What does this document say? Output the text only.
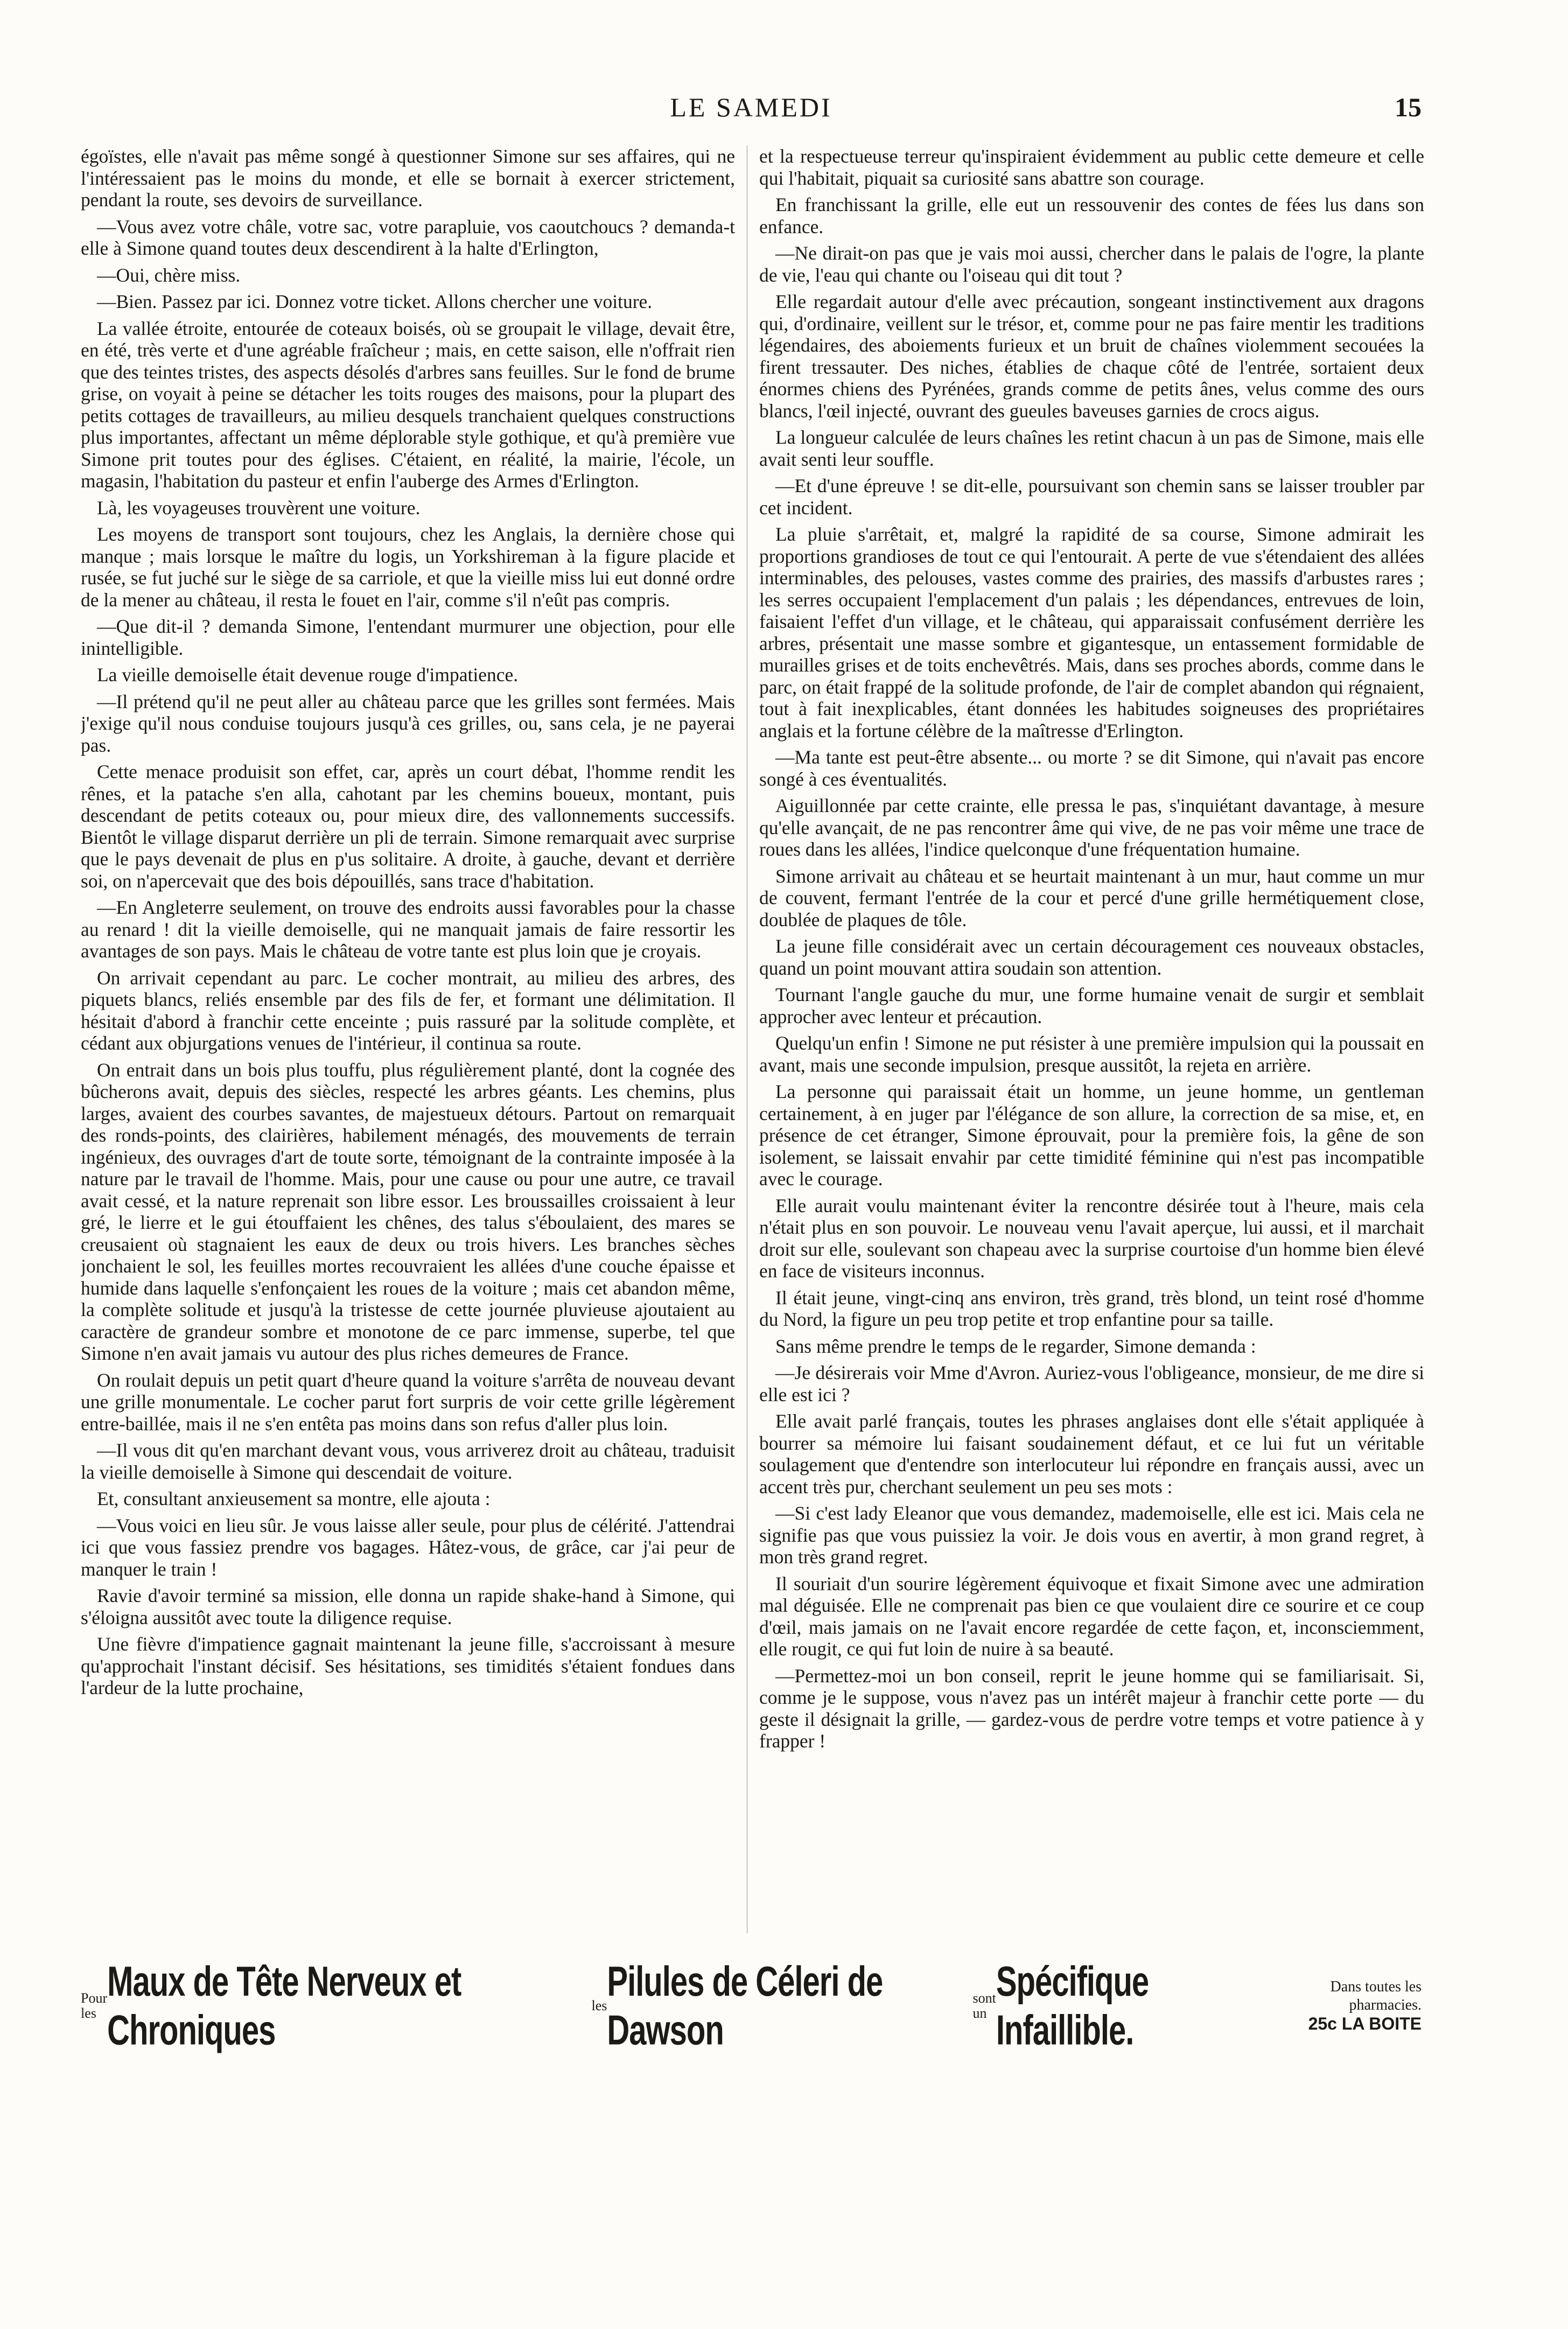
LE SAMEDI	15

égoïstes, elle n'avait pas même songé à questionner Simone sur ses affaires, qui ne l'intéressaient pas le moins du monde, et elle se bornait à exercer strictement, pendant la route, ses devoirs de surveillance.

—Vous avez votre châle, votre sac, votre parapluie, vos caoutchoucs ? demanda-t elle à Simone quand toutes deux descendirent à la halte d'Erlington,

—Oui, chère miss.

—Bien. Passez par ici. Donnez votre ticket. Allons chercher une voiture.

La vallée étroite, entourée de coteaux boisés, où se groupait le village, devait être, en été, très verte et d'une agréable fraîcheur ; mais, en cette saison, elle n'offrait rien que des teintes tristes, des aspects désolés d'arbres sans feuilles. Sur le fond de brume grise, on voyait à peine se détacher les toits rouges des maisons, pour la plupart des petits cottages de travailleurs, au milieu desquels tranchaient quelques constructions plus importantes, affectant un même déplorable style gothique, et qu'à première vue Simone prit toutes pour des églises. C'étaient, en réalité, la mairie, l'école, un magasin, l'habitation du pasteur et enfin l'auberge des Armes d'Erlington.

Là, les voyageuses trouvèrent une voiture.

Les moyens de transport sont toujours, chez les Anglais, la dernière chose qui manque ; mais lorsque le maître du logis, un Yorkshireman à la figure placide et rusée, se fut juché sur le siège de sa carriole, et que la vieille miss lui eut donné ordre de la mener au château, il resta le fouet en l'air, comme s'il n'eût pas compris.

—Que dit-il ? demanda Simone, l'entendant murmurer une objection, pour elle inintelligible.

La vieille demoiselle était devenue rouge d'impatience.

—Il prétend qu'il ne peut aller au château parce que les grilles sont fermées. Mais j'exige qu'il nous conduise toujours jusqu'à ces grilles, ou, sans cela, je ne payerai pas.

Cette menace produisit son effet, car, après un court débat, l'homme rendit les rênes, et la patache s'en alla, cahotant par les chemins boueux, montant, puis descendant de petits coteaux ou, pour mieux dire, des vallonnements successifs. Bientôt le village disparut derrière un pli de terrain. Simone remarquait avec surprise que le pays devenait de plus en p'us solitaire. A droite, à gauche, devant et derrière soi, on n'apercevait que des bois dépouillés, sans trace d'habitation.

—En Angleterre seulement, on trouve des endroits aussi favorables pour la chasse au renard ! dit la vieille demoiselle, qui ne manquait jamais de faire ressortir les avantages de son pays. Mais le château de votre tante est plus loin que je croyais.

On arrivait cependant au parc. Le cocher montrait, au milieu des arbres, des piquets blancs, reliés ensemble par des fils de fer, et formant une délimitation. Il hésitait d'abord à franchir cette enceinte ; puis rassuré par la solitude complète, et cédant aux objurgations venues de l'intérieur, il continua sa route.

On entrait dans un bois plus touffu, plus régulièrement planté, dont la cognée des bûcherons avait, depuis des siècles, respecté les arbres géants. Les chemins, plus larges, avaient des courbes savantes, de majestueux détours. Partout on remarquait des ronds-points, des clairières, habilement ménagés, des mouvements de terrain ingénieux, des ouvrages d'art de toute sorte, témoignant de la contrainte imposée à la nature par le travail de l'homme. Mais, pour une cause ou pour une autre, ce travail avait cessé, et la nature reprenait son libre essor. Les broussailles croissaient à leur gré, le lierre et le gui étouffaient les chênes, des talus s'éboulaient, des mares se creusaient où stagnaient les eaux de deux ou trois hivers. Les branches sèches jonchaient le sol, les feuilles mortes recouvraient les allées d'une couche épaisse et humide dans laquelle s'enfonçaient les roues de la voiture ; mais cet abandon même, la complète solitude et jusqu'à la tristesse de cette journée pluvieuse ajoutaient au caractère de grandeur sombre et monotone de ce parc immense, superbe, tel que Simone n'en avait jamais vu autour des plus riches demeures de France.

On roulait depuis un petit quart d'heure quand la voiture s'arrêta de nouveau devant une grille monumentale. Le cocher parut fort surpris de voir cette grille légèrement entre-baillée, mais il ne s'en entêta pas moins dans son refus d'aller plus loin.

—Il vous dit qu'en marchant devant vous, vous arriverez droit au château, traduisit la vieille demoiselle à Simone qui descendait de voiture.

Et, consultant anxieusement sa montre, elle ajouta :

—Vous voici en lieu sûr. Je vous laisse aller seule, pour plus de célérité. J'attendrai ici que vous fassiez prendre vos bagages. Hâtez-vous, de grâce, car j'ai peur de manquer le train !

Ravie d'avoir terminé sa mission, elle donna un rapide shake-hand à Simone, qui s'éloigna aussitôt avec toute la diligence requise.

Une fièvre d'impatience gagnait maintenant la jeune fille, s'accroissant à mesure qu'approchait l'instant décisif. Ses hésitations, ses timidités s'étaient fondues dans l'ardeur de la lutte prochaine,

et la respectueuse terreur qu'inspiraient évidemment au public cette demeure et celle qui l'habitait, piquait sa curiosité sans abattre son courage.

En franchissant la grille, elle eut un ressouvenir des contes de fées lus dans son enfance.

—Ne dirait-on pas que je vais moi aussi, chercher dans le palais de l'ogre, la plante de vie, l'eau qui chante ou l'oiseau qui dit tout ?

Elle regardait autour d'elle avec précaution, songeant instinctivement aux dragons qui, d'ordinaire, veillent sur le trésor, et, comme pour ne pas faire mentir les traditions légendaires, des aboiements furieux et un bruit de chaînes violemment secouées la firent tressauter. Des niches, établies de chaque côté de l'entrée, sortaient deux énormes chiens des Pyrénées, grands comme de petits ânes, velus comme des ours blancs, l'œil injecté, ouvrant des gueules baveuses garnies de crocs aigus.

La longueur calculée de leurs chaînes les retint chacun à un pas de Simone, mais elle avait senti leur souffle.

—Et d'une épreuve ! se dit-elle, poursuivant son chemin sans se laisser troubler par cet incident.

La pluie s'arrêtait, et, malgré la rapidité de sa course, Simone admirait les proportions grandioses de tout ce qui l'entourait. A perte de vue s'étendaient des allées interminables, des pelouses, vastes comme des prairies, des massifs d'arbustes rares ; les serres occupaient l'emplacement d'un palais ; les dépendances, entrevues de loin, faisaient l'effet d'un village, et le château, qui apparaissait confusément derrière les arbres, présentait une masse sombre et gigantesque, un entassement formidable de murailles grises et de toits enchevêtrés. Mais, dans ses proches abords, comme dans le parc, on était frappé de la solitude profonde, de l'air de complet abandon qui régnaient, tout à fait inexplicables, étant données les habitudes soigneuses des propriétaires anglais et la fortune célèbre de la maîtresse d'Erlington.

—Ma tante est peut-être absente... ou morte ? se dit Simone, qui n'avait pas encore songé à ces éventualités.

Aiguillonnée par cette crainte, elle pressa le pas, s'inquiétant davantage, à mesure qu'elle avançait, de ne pas rencontrer âme qui vive, de ne pas voir même une trace de roues dans les allées, l'indice quelconque d'une fréquentation humaine.

Simone arrivait au château et se heurtait maintenant à un mur, haut comme un mur de couvent, fermant l'entrée de la cour et percé d'une grille hermétiquement close, doublée de plaques de tôle.

La jeune fille considérait avec un certain découragement ces nouveaux obstacles, quand un point mouvant attira soudain son attention.

Tournant l'angle gauche du mur, une forme humaine venait de surgir et semblait approcher avec lenteur et précaution.

Quelqu'un enfin ! Simone ne put résister à une première impulsion qui la poussait en avant, mais une seconde impulsion, presque aussitôt, la rejeta en arrière.

La personne qui paraissait était un homme, un jeune homme, un gentleman certainement, à en juger par l'élégance de son allure, la correction de sa mise, et, en présence de cet étranger, Simone éprouvait, pour la première fois, la gêne de son isolement, se laissait envahir par cette timidité féminine qui n'est pas incompatible avec le courage.

Elle aurait voulu maintenant éviter la rencontre désirée tout à l'heure, mais cela n'était plus en son pouvoir. Le nouveau venu l'avait aperçue, lui aussi, et il marchait droit sur elle, soulevant son chapeau avec la surprise courtoise d'un homme bien élevé en face de visiteurs inconnus.

Il était jeune, vingt-cinq ans environ, très grand, très blond, un teint rosé d'homme du Nord, la figure un peu trop petite et trop enfantine pour sa taille.

Sans même prendre le temps de le regarder, Simone demanda :

—Je désirerais voir Mme d'Avron. Auriez-vous l'obligeance, monsieur, de me dire si elle est ici ?

Elle avait parlé français, toutes les phrases anglaises dont elle s'était appliquée à bourrer sa mémoire lui faisant soudainement défaut, et ce lui fut un véritable soulagement que d'entendre son interlocuteur lui répondre en français aussi, avec un accent très pur, cherchant seulement un peu ses mots :

—Si c'est lady Eleanor que vous demandez, mademoiselle, elle est ici. Mais cela ne signifie pas que vous puissiez la voir. Je dois vous en avertir, à mon grand regret, à mon très grand regret.

Il souriait d'un sourire légèrement équivoque et fixait Simone avec une admiration mal déguisée. Elle ne comprenait pas bien ce que voulaient dire ce sourire et ce coup d'œil, mais jamais on ne l'avait encore regardée de cette façon, et, inconsciemment, elle rougit, ce qui fut loin de nuire à sa beauté.

—Permettez-moi un bon conseil, reprit le jeune homme qui se familiarisait. Si, comme je le suppose, vous n'avez pas un intérêt majeur à franchir cette porte — du geste il désignait la grille, — gardez-vous de perdre votre temps et votre patience à y frapper !

Pour
les
Maux de Tête Nerveux et Chroniques
les
Pilules de Céleri de Dawson
sont
un
Spécifique Infaillible.
Dans toutes les pharmacies.
25c LA BOITE
